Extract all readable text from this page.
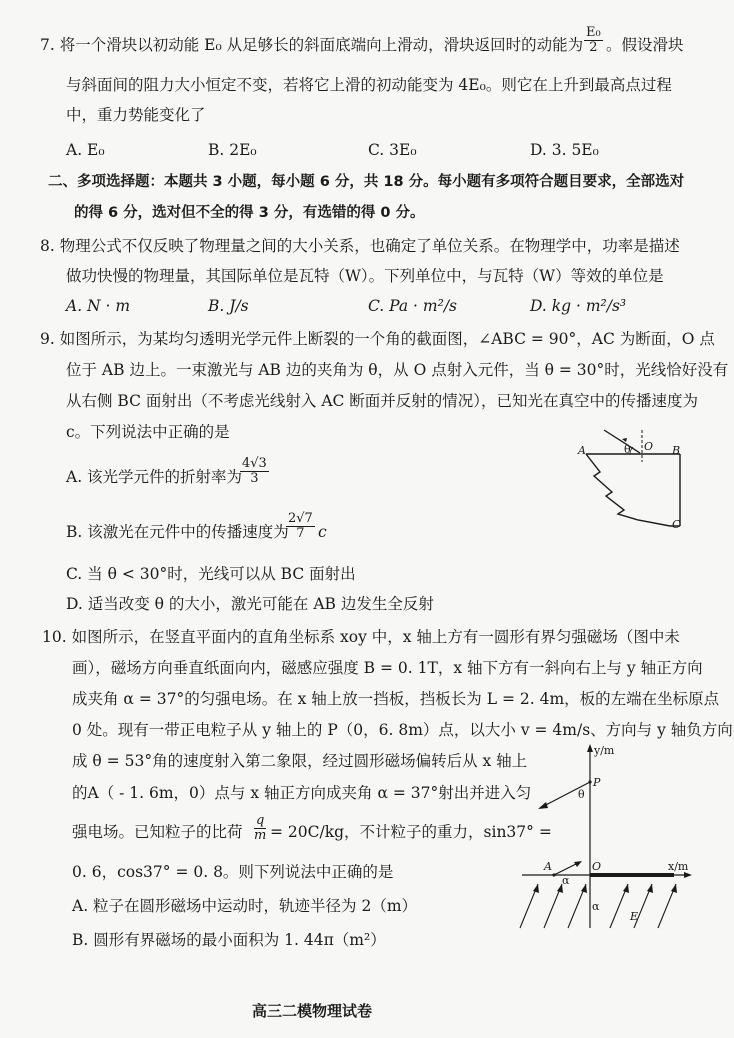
7. 将一个滑块以初动能 E₀ 从足够长的斜面底端向上滑动，滑块返回时的动能为 $\frac{\text{E₀}}{2}$ 。假设滑块
与斜面间的阻力大小恒定不变，若将它上滑的初动能变为 4E₀。则它在上升到最高点过程
中，重力势能变化了
A. E₀	B. 2E₀	C. 3E₀	D. 3. 5E₀
二、多项选择题：本题共 3 小题，每小题 6 分，共 18 分。每小题有多项符合题目要求，全部选对
的得 6 分，选对但不全的得 3 分，有选错的得 0 分。
8. 物理公式不仅反映了物理量之间的大小关系，也确定了单位关系。在物理学中，功率是描述
做功快慢的物理量，其国际单位是瓦特（W）。下列单位中，与瓦特（W）等效的单位是
A. N · m	B. J/s	C. Pa · m²/s	D. kg · m²/s³
9. 如图所示，为某均匀透明光学元件上断裂的一个角的截面图，∠ABC = 90°，AC 为断面，O 点
位于 AB 边上。一束激光与 AB 边的夹角为 θ，从 O 点射入元件，当 θ = 30°时，光线恰好没有
从右侧 BC 面射出（不考虑光线射入 AC 断面并反射的情况），已知光在真空中的传播速度为
c。下列说法中正确的是
A. 该光学元件的折射率为
$\frac{4√3}{3}$
B. 该激光在元件中的传播速度为
$\frac{2√7}{7}$ c
C. 当 θ < 30°时，光线可以从 BC 面射出
D. 适当改变 θ 的大小，激光可能在 AB 边发生全反射
A	θ O B
C
10. 如图所示，在竖直平面内的直角坐标系 xoy 中，x 轴上方有一圆形有界匀强磁场（图中未
画），磁场方向垂直纸面向内，磁感应强度 B = 0. 1T，x 轴下方有一斜向右上与 y 轴正方向
成夹角 α = 37°的匀强电场。在 x 轴上放一挡板，挡板长为 L = 2. 4m，板的左端在坐标原点
0 处。现有一带正电粒子从 y 轴上的 P（0，6. 8m）点，以大小 v = 4m/s、方向与 y 轴负方向
成 θ = 53°角的速度射入第二象限，经过圆形磁场偏转后从 x 轴上
的A（ - 1. 6m，0）点与 x 轴正方向成夹角 α = 37°射出并进入匀
强电场。已知粒子的比荷 $\frac{q}{m} = 20C/kg$，不计粒子的重力，sin37° =
0. 6，cos37° = 0. 8。则下列说法中正确的是
A. 粒子在圆形磁场中运动时，轨迹半径为 2（m）
B. 圆形有界磁场的最小面积为 1. 44π（m²）
y/m
x/m
O
P
A
θ
α
α
E
高三二模物理试卷
